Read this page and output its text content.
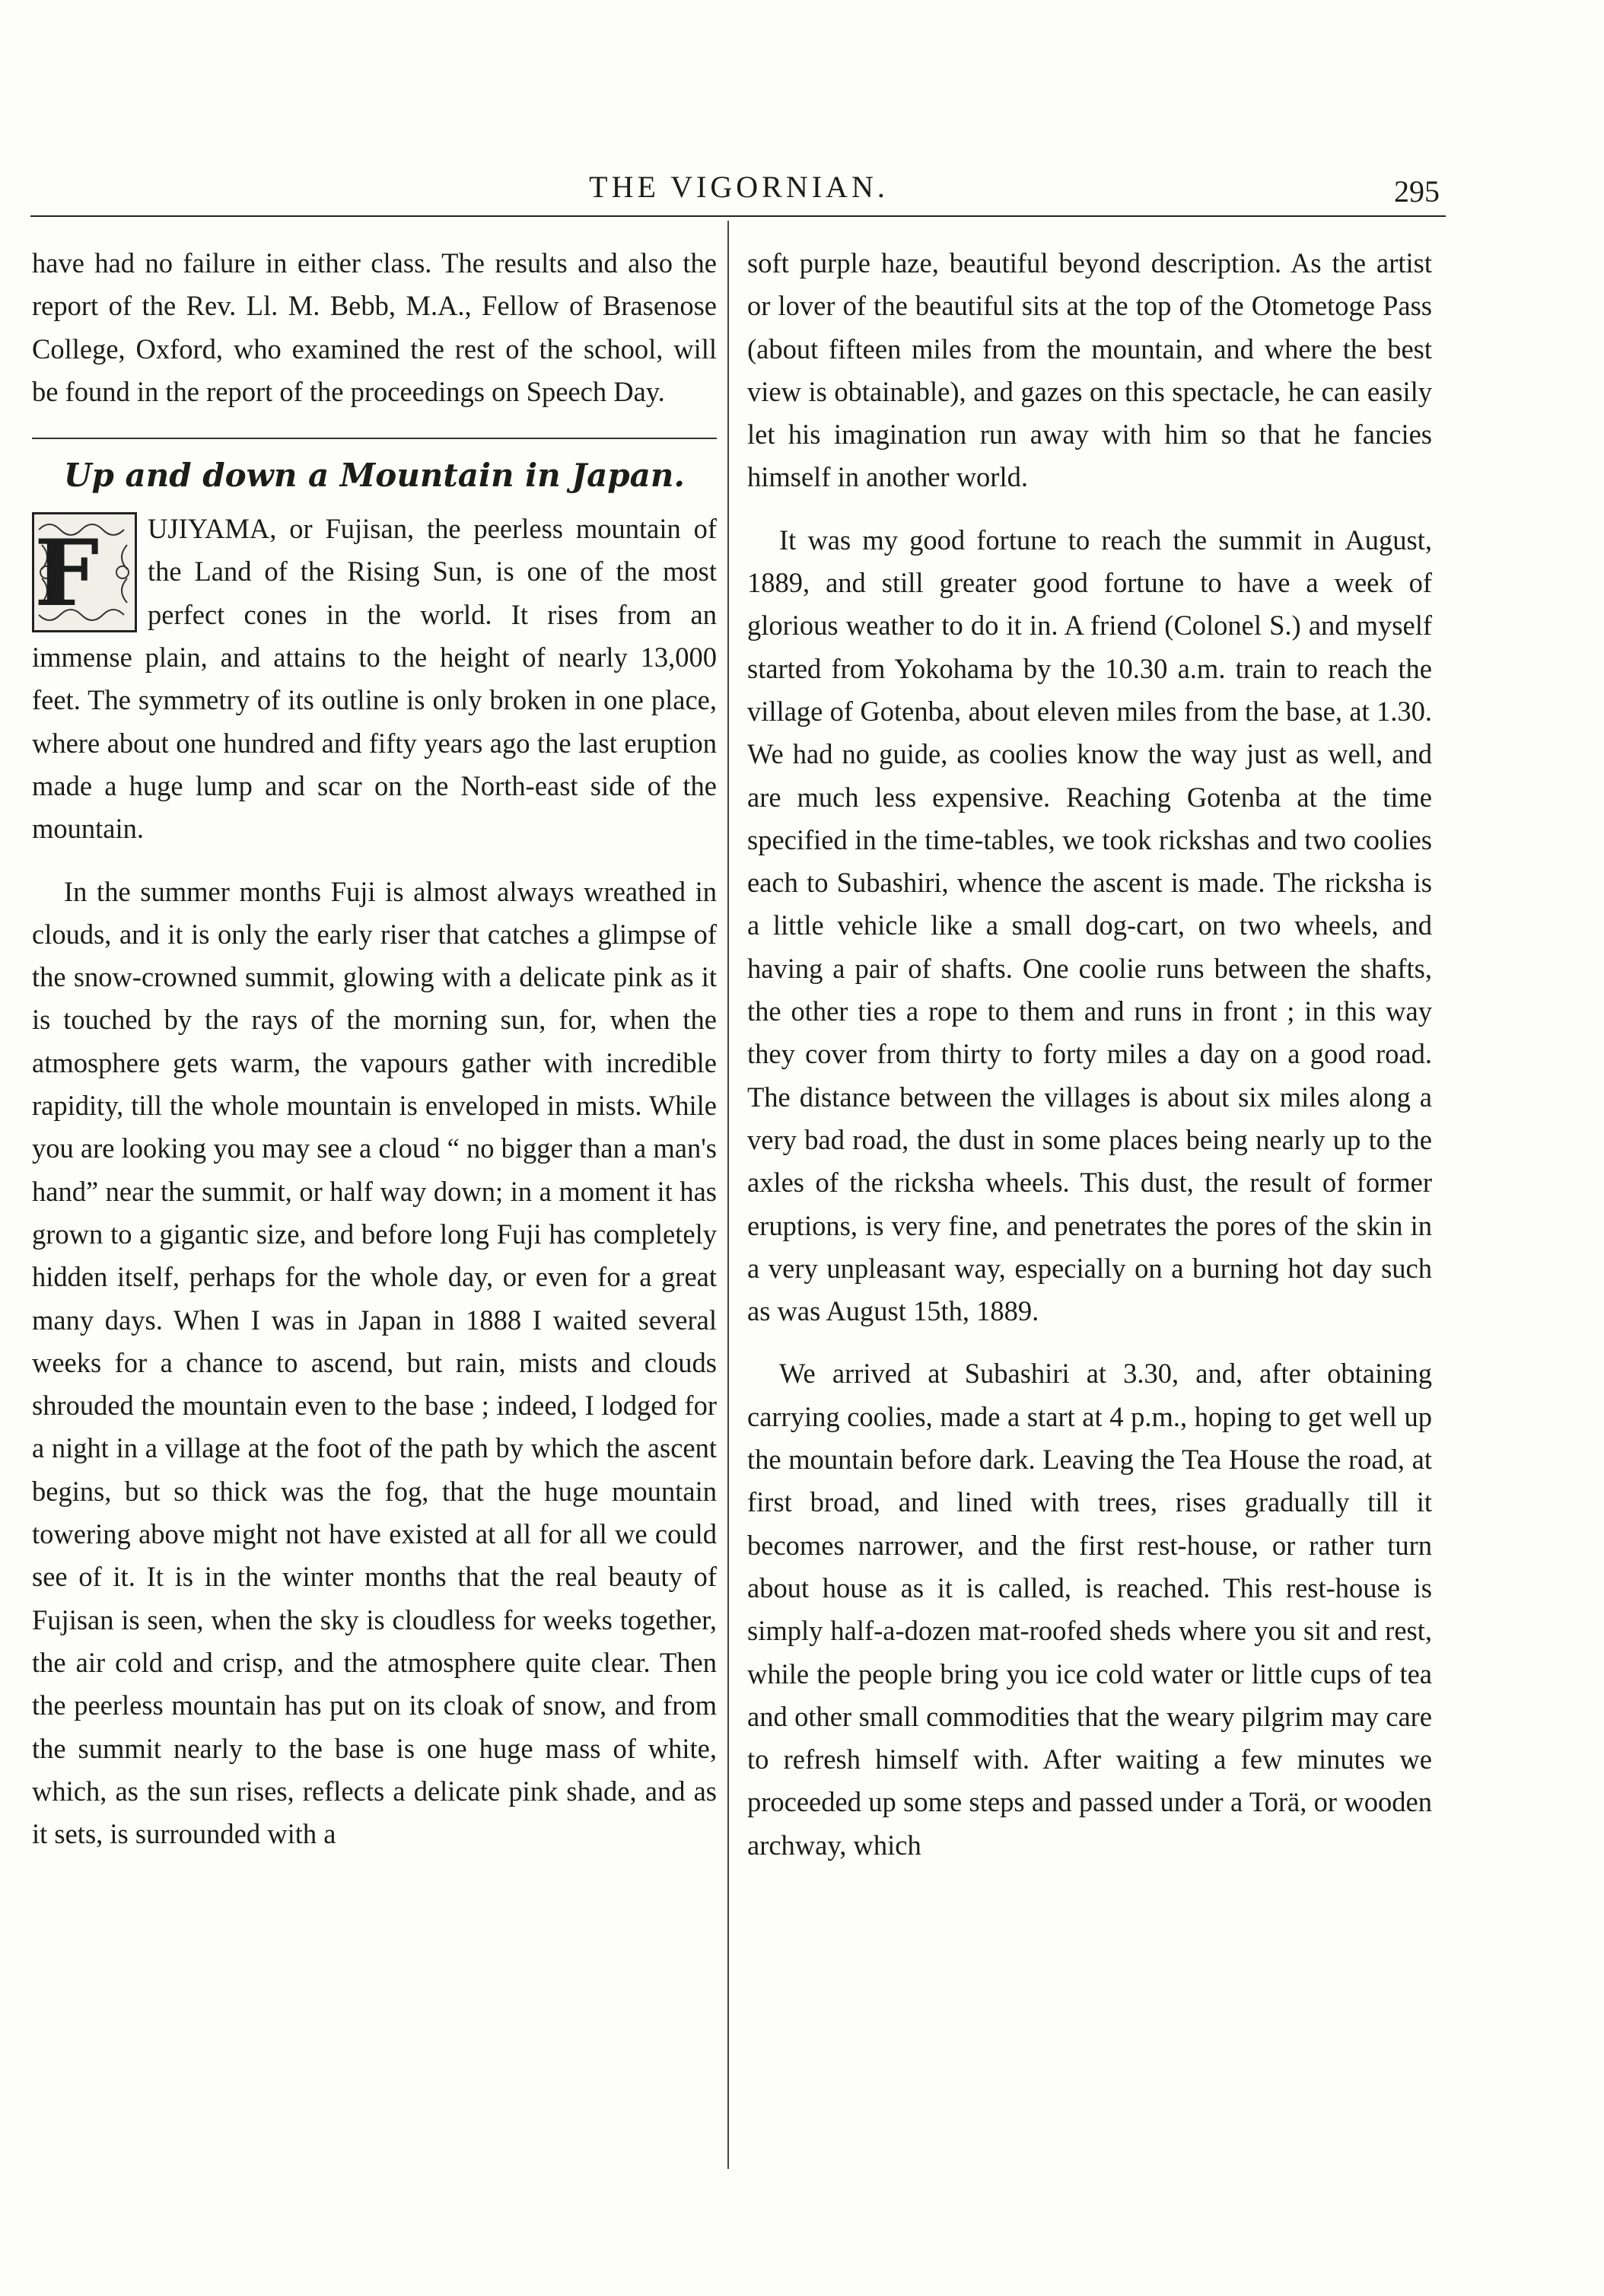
THE VIGORNIAN.	295

have had no failure in either class. The results and also the report of the Rev. Ll. M. Bebb, M.A., Fellow of Brasenose College, Oxford, who examined the rest of the school, will be found in the report of the proceedings on Speech Day.

Up and down a Mountain in Japan.

F	UJIYAMA, or Fujisan, the peerless mountain of the Land of the Rising Sun, is one of the most perfect cones in the world. It rises from an immense plain, and attains to the height of nearly 13,000 feet. The symmetry of its outline is only broken in one place, where about one hundred and fifty years ago the last eruption made a huge lump and scar on the North-east side of the mountain.

In the summer months Fuji is almost always wreathed in clouds, and it is only the early riser that catches a glimpse of the snow-crowned summit, glowing with a delicate pink as it is touched by the rays of the morning sun, for, when the atmosphere gets warm, the vapours gather with incredible rapidity, till the whole mountain is enveloped in mists. While you are looking you may see a cloud “ no bigger than a man's hand” near the summit, or half way down; in a moment it has grown to a gigantic size, and before long Fuji has completely hidden itself, perhaps for the whole day, or even for a great many days. When I was in Japan in 1888 I waited several weeks for a chance to ascend, but rain, mists and clouds shrouded the mountain even to the base ; indeed, I lodged for a night in a village at the foot of the path by which the ascent begins, but so thick was the fog, that the huge mountain towering above might not have existed at all for all we could see of it. It is in the winter months that the real beauty of Fujisan is seen, when the sky is cloudless for weeks together, the air cold and crisp, and the atmosphere quite clear. Then the peerless mountain has put on its cloak of snow, and from the summit nearly to the base is one huge mass of white, which, as the sun rises, reflects a delicate pink shade, and as it sets, is surrounded with a

soft purple haze, beautiful beyond description. As the artist or lover of the beautiful sits at the top of the Otometoge Pass (about fifteen miles from the mountain, and where the best view is obtainable), and gazes on this spectacle, he can easily let his imagination run away with him so that he fancies himself in another world.

It was my good fortune to reach the summit in August, 1889, and still greater good fortune to have a week of glorious weather to do it in. A friend (Colonel S.) and myself started from Yokohama by the 10.30 a.m. train to reach the village of Gotenba, about eleven miles from the base, at 1.30. We had no guide, as coolies know the way just as well, and are much less expensive. Reaching Gotenba at the time specified in the time-tables, we took rickshas and two coolies each to Subashiri, whence the ascent is made. The ricksha is a little vehicle like a small dog-cart, on two wheels, and having a pair of shafts. One coolie runs between the shafts, the other ties a rope to them and runs in front ; in this way they cover from thirty to forty miles a day on a good road. The distance between the villages is about six miles along a very bad road, the dust in some places being nearly up to the axles of the ricksha wheels. This dust, the result of former eruptions, is very fine, and penetrates the pores of the skin in a very unpleasant way, especially on a burning hot day such as was August 15th, 1889.

We arrived at Subashiri at 3.30, and, after obtaining carrying coolies, made a start at 4 p.m., hoping to get well up the mountain before dark. Leaving the Tea House the road, at first broad, and lined with trees, rises gradually till it becomes narrower, and the first rest-house, or rather turn about house as it is called, is reached. This rest-house is simply half-a-dozen mat-roofed sheds where you sit and rest, while the people bring you ice cold water or little cups of tea and other small commodities that the weary pilgrim may care to refresh himself with. After waiting a few minutes we proceeded up some steps and passed under a Torä, or wooden archway, which
